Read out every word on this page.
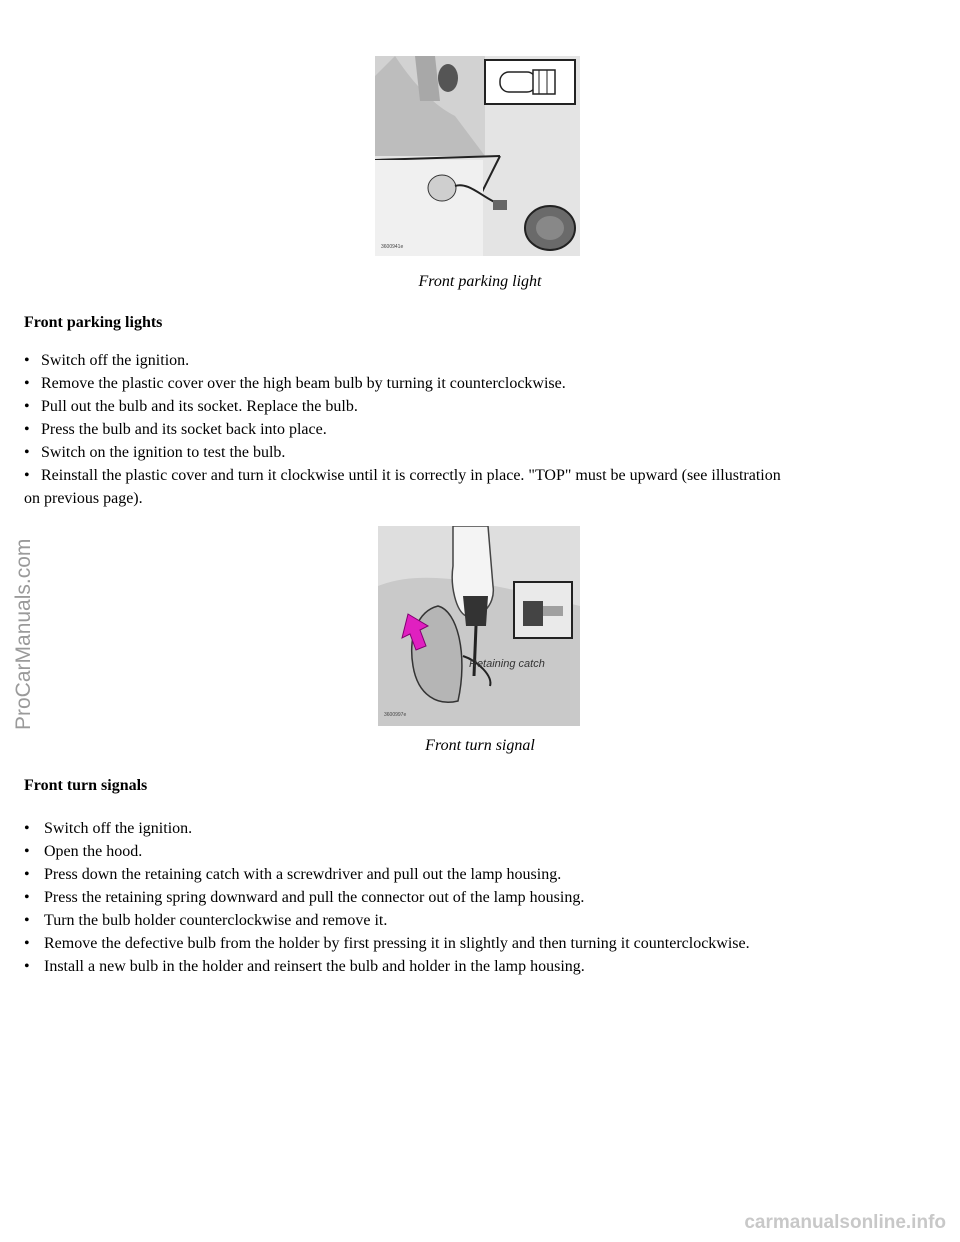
3600941e
Front parking light
Front parking lights
• Switch off the ignition.
• Remove the plastic cover over the high beam bulb by turning it counterclockwise.
• Pull out the bulb and its socket. Replace the bulb.
• Press the bulb and its socket back into place.
• Switch on the ignition to test the bulb.
• Reinstall the plastic cover and turn it clockwise until it is correctly in place. "TOP" must be upward (see illustration
on previous page).
Retaining catch
3600997e
Front turn signal
Front turn signals
• Switch off the ignition.
• Open the hood.
• Press down the retaining catch with a screwdriver and pull out the lamp housing.
• Press the retaining spring downward and pull the connector out of the lamp housing.
• Turn the bulb holder counterclockwise and remove it.
• Remove the defective bulb from the holder by first pressing it in slightly and then turning it counterclockwise.
• Install a new bulb in the holder and reinsert the bulb and holder in the lamp housing.
ProCarManuals.com
carmanualsonline.info
